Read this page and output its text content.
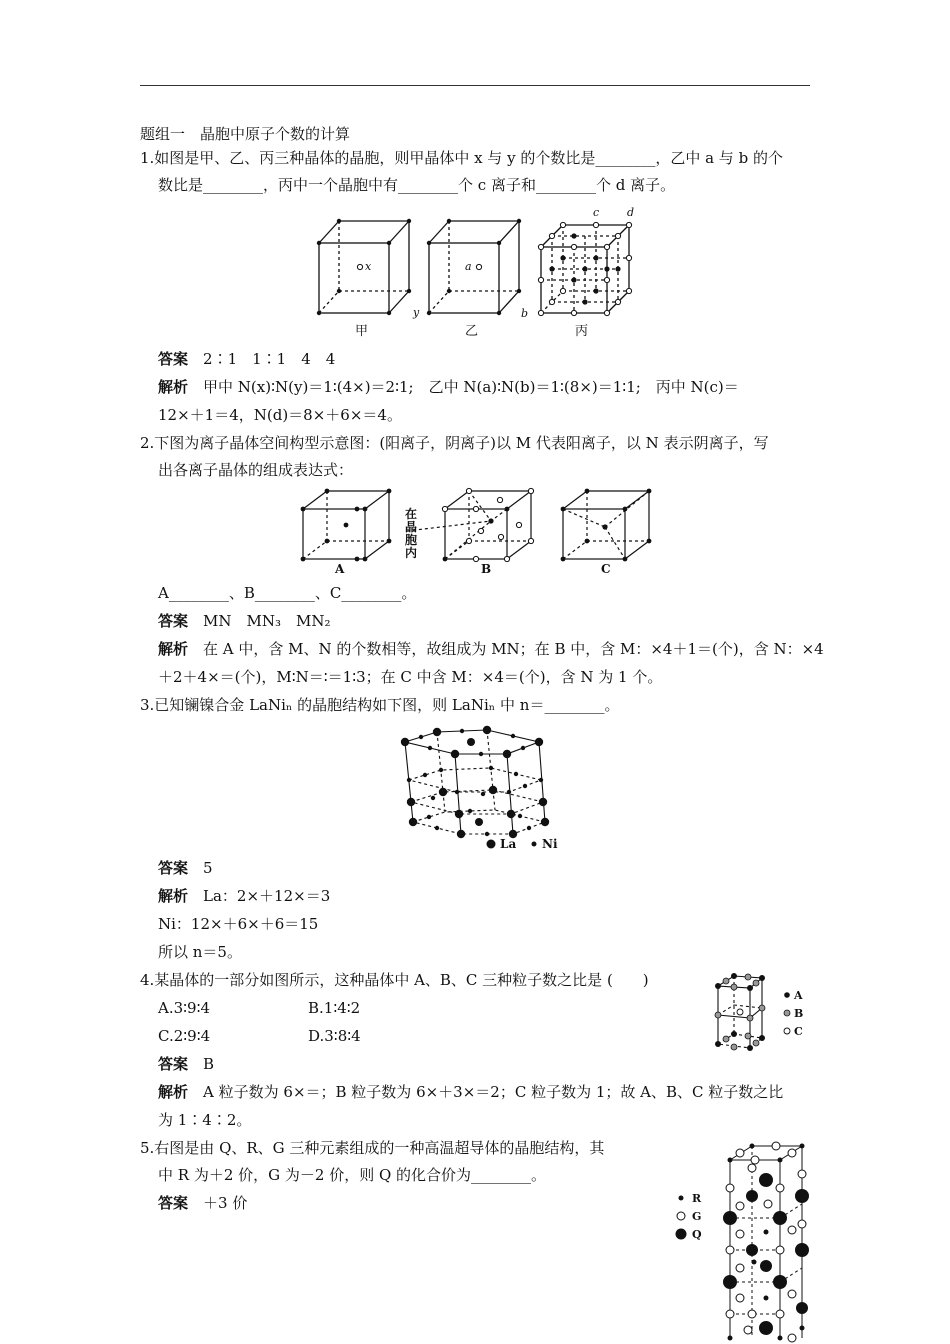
题组一　晶胞中原子个数的计算
1.如图是甲、乙、丙三种晶体的晶胞，则甲晶体中 x 与 y 的个数比是________，乙中 a 与 b 的个
数比是________，丙中一个晶胞中有________个 c 离子和________个 d 离子。
x
y
a
b
c	d
甲	乙	丙
答案　 2∶1　1∶1　4　4
解析　 甲中 N(x)∶N(y)＝1∶(4×)＝2∶1;　乙中 N(a)∶N(b)＝1∶(8×)＝1∶1;　丙中 N(c)＝
12×＋1＝4，N(d)＝8×＋6×＝4。
2.下图为离子晶体空间构型示意图：(阳离子，阴离子)以 M 代表阳离子，以 N 表示阴离子，写
出各离子晶体的组成表达式：
A	B	C
在晶胞内
A________、B________、C________。
答案　 MN　MN₃　MN₂
解析　 在 A 中，含 M、N 的个数相等，故组成为 MN；在 B 中，含 M：×4＋1＝(个)，含 N：×4
＋2＋4×＝(个)，M∶N＝∶＝1∶3；在 C 中含 M：×4＝(个)，含 N 为 1 个。
3.已知镧镍合金 LaNiₙ 的晶胞结构如下图，则 LaNiₙ 中 n＝________。
La Ni
答案　 5
解析　 La：2×＋12×＝3
Ni：12×＋6×＋6＝15
所以 n＝5。
4.某晶体的一部分如图所示，这种晶体中 A、B、C 三种粒子数之比是 (　　)
A.3∶9∶4	B.1∶4∶2
C.2∶9∶4	D.3∶8∶4
A
B
C
答案　 B
解析　 A 粒子数为 6×＝；B 粒子数为 6×＋3×＝2；C 粒子数为 1；故 A、B、C 粒子数之比
为 1∶4∶2。
5.右图是由 Q、R、G 三种元素组成的一种高温超导体的晶胞结构，其
中 R 为＋2 价，G 为－2 价，则 Q 的化合价为________。
答案　 ＋3 价	R
G
Q
